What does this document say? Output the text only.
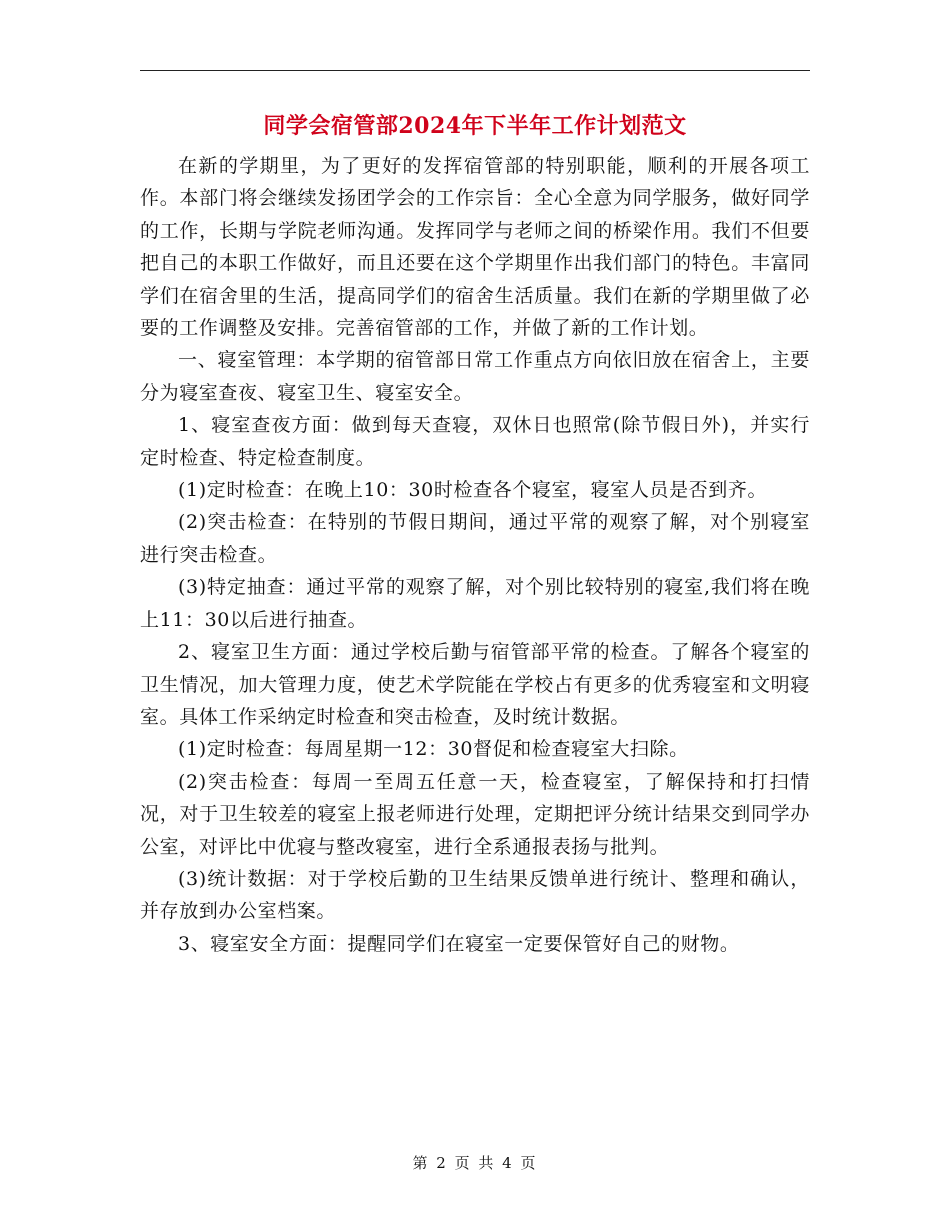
同学会宿管部2024年下半年工作计划范文

在新的学期里，为了更好的发挥宿管部的特别职能，顺利的开展各项工作。本部门将会继续发扬团学会的工作宗旨：全心全意为同学服务，做好同学的工作，长期与学院老师沟通。发挥同学与老师之间的桥梁作用。我们不但要把自己的本职工作做好，而且还要在这个学期里作出我们部门的特色。丰富同学们在宿舍里的生活，提高同学们的宿舍生活质量。我们在新的学期里做了必要的工作调整及安排。完善宿管部的工作，并做了新的工作计划。

一、寝室管理：本学期的宿管部日常工作重点方向依旧放在宿舍上，主要分为寝室查夜、寝室卫生、寝室安全。

1、寝室查夜方面：做到每天查寝，双休日也照常(除节假日外)，并实行定时检查、特定检查制度。

(1)定时检查：在晚上10：30时检查各个寝室，寝室人员是否到齐。

(2)突击检查：在特别的节假日期间，通过平常的观察了解，对个别寝室进行突击检查。

(3)特定抽查：通过平常的观察了解，对个别比较特别的寝室,我们将在晚上11：30以后进行抽查。

2、寝室卫生方面：通过学校后勤与宿管部平常的检查。了解各个寝室的卫生情况，加大管理力度，使艺术学院能在学校占有更多的优秀寝室和文明寝室。具体工作采纳定时检查和突击检查，及时统计数据。

(1)定时检查：每周星期一12：30督促和检查寝室大扫除。

(2)突击检查：每周一至周五任意一天，检查寝室，了解保持和打扫情况，对于卫生较差的寝室上报老师进行处理，定期把评分统计结果交到同学办公室，对评比中优寝与整改寝室，进行全系通报表扬与批判。

(3)统计数据：对于学校后勤的卫生结果反馈单进行统计、整理和确认，并存放到办公室档案。

3、寝室安全方面：提醒同学们在寝室一定要保管好自己的财物。

第 2 页 共 4 页
